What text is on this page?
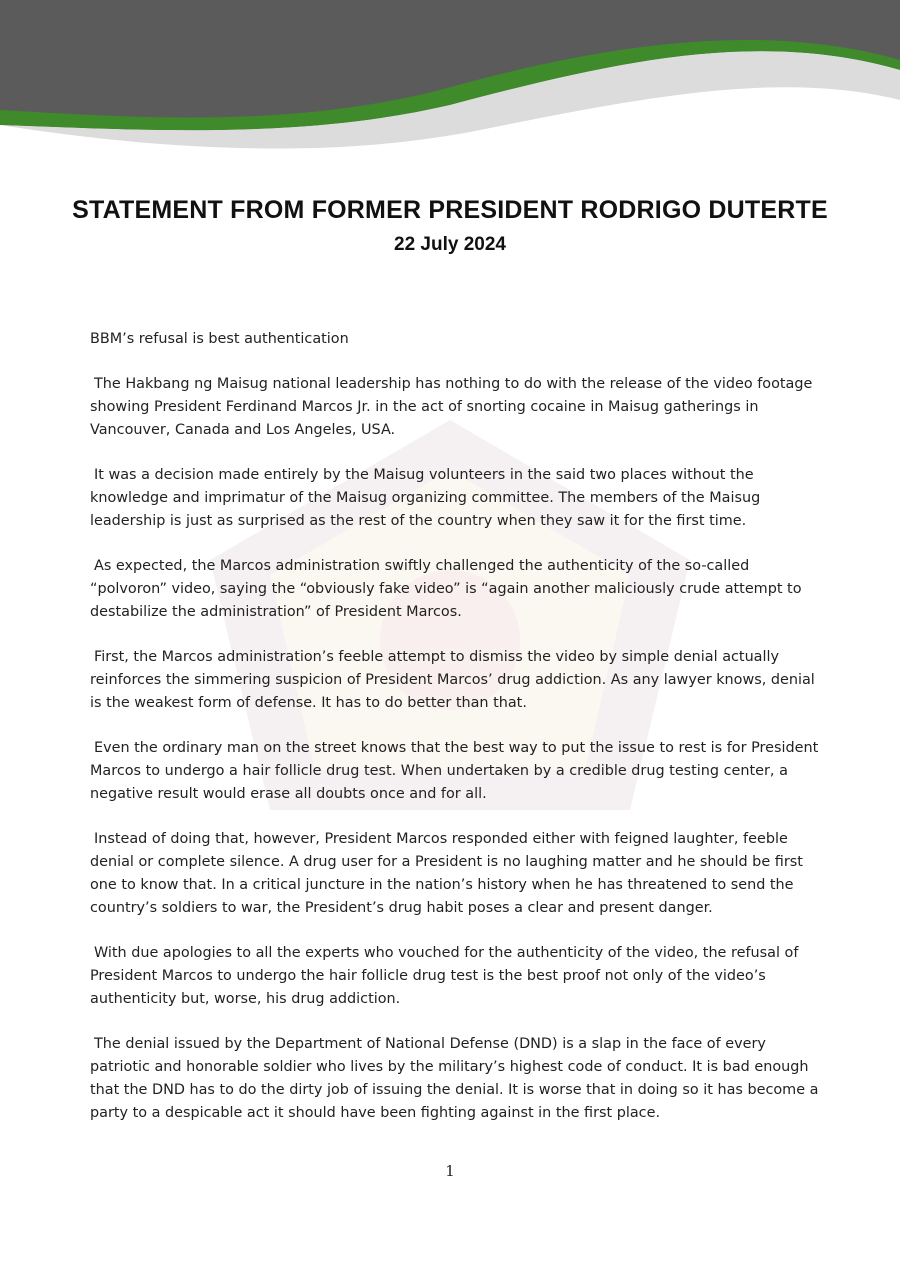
STATEMENT FROM FORMER PRESIDENT RODRIGO DUTERTE
22 July 2024

BBM’s refusal is best authentication

The Hakbang ng Maisug national leadership has nothing to do with the release of the video footage showing President Ferdinand Marcos Jr. in the act of snorting cocaine in Maisug gatherings in Vancouver, Canada and Los Angeles, USA.

It was a decision made entirely by the Maisug volunteers in the said two places without the knowledge and imprimatur of the Maisug organizing committee. The members of the Maisug leadership is just as surprised as the rest of the country when they saw it for the first time.

As expected, the Marcos administration swiftly challenged the authenticity of the so-called “polvoron” video, saying the “obviously fake video” is “again another maliciously crude attempt to destabilize the administration” of President Marcos.

First, the Marcos administration’s feeble attempt to dismiss the video by simple denial actually reinforces the simmering suspicion of President Marcos’ drug addiction. As any lawyer knows, denial is the weakest form of defense. It has to do better than that.

Even the ordinary man on the street knows that the best way to put the issue to rest is for President Marcos to undergo a hair follicle drug test. When undertaken by a credible drug testing center, a negative result would erase all doubts once and for all.

Instead of doing that, however, President Marcos responded either with feigned laughter, feeble denial or complete silence. A drug user for a President is no laughing matter and he should be first one to know that. In a critical juncture in the nation’s history when he has threatened to send the country’s soldiers to war, the President’s drug habit poses a clear and present danger.

With due apologies to all the experts who vouched for the authenticity of the video, the refusal of President Marcos to undergo the hair follicle drug test is the best proof not only of the video’s authenticity but, worse, his drug addiction.

The denial issued by the Department of National Defense (DND) is a slap in the face of every patriotic and honorable soldier who lives by the military’s highest code of conduct. It is bad enough that the DND has to do the dirty job of issuing the denial. It is worse that in doing so it has become a party to a despicable act it should have been fighting against in the first place.

1
